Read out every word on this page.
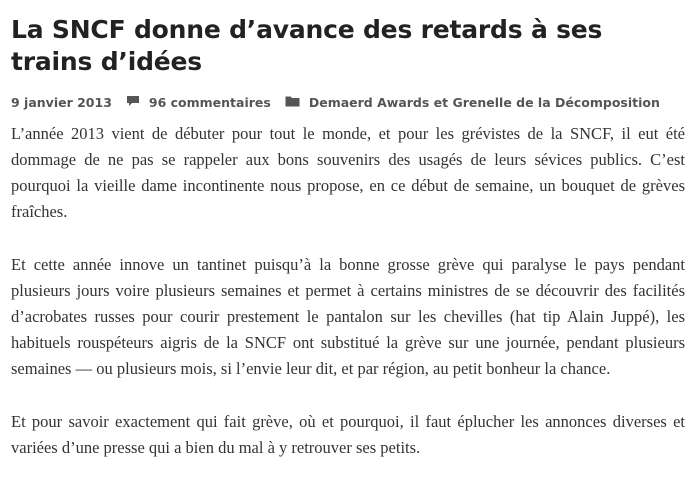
La SNCF donne d’avance des retards à ses trains d’idées
9 janvier 2013	96 commentaires	Demaerd Awards et Grenelle de la Décomposition

L’année 2013 vient de débuter pour tout le monde, et pour les grévistes de la SNCF, il eut été dommage de ne pas se rappeler aux bons souvenirs des usagés de leurs sévices publics. C’est pourquoi la vieille dame incontinente nous propose, en ce début de semaine, un bouquet de grèves fraîches.

Et cette année innove un tantinet puisqu’à la bonne grosse grève qui paralyse le pays pendant plusieurs jours voire plusieurs semaines et permet à certains ministres de se découvrir des facilités d’acrobates russes pour courir prestement le pantalon sur les chevilles (hat tip Alain Juppé), les habituels rouspéteurs aigris de la SNCF ont substitué la grève sur une journée, pendant plusieurs semaines — ou plusieurs mois, si l’envie leur dit, et par région, au petit bonheur la chance.

Et pour savoir exactement qui fait grève, où et pourquoi, il faut éplucher les annonces diverses et variées d’une presse qui a bien du mal à y retrouver ses petits.
